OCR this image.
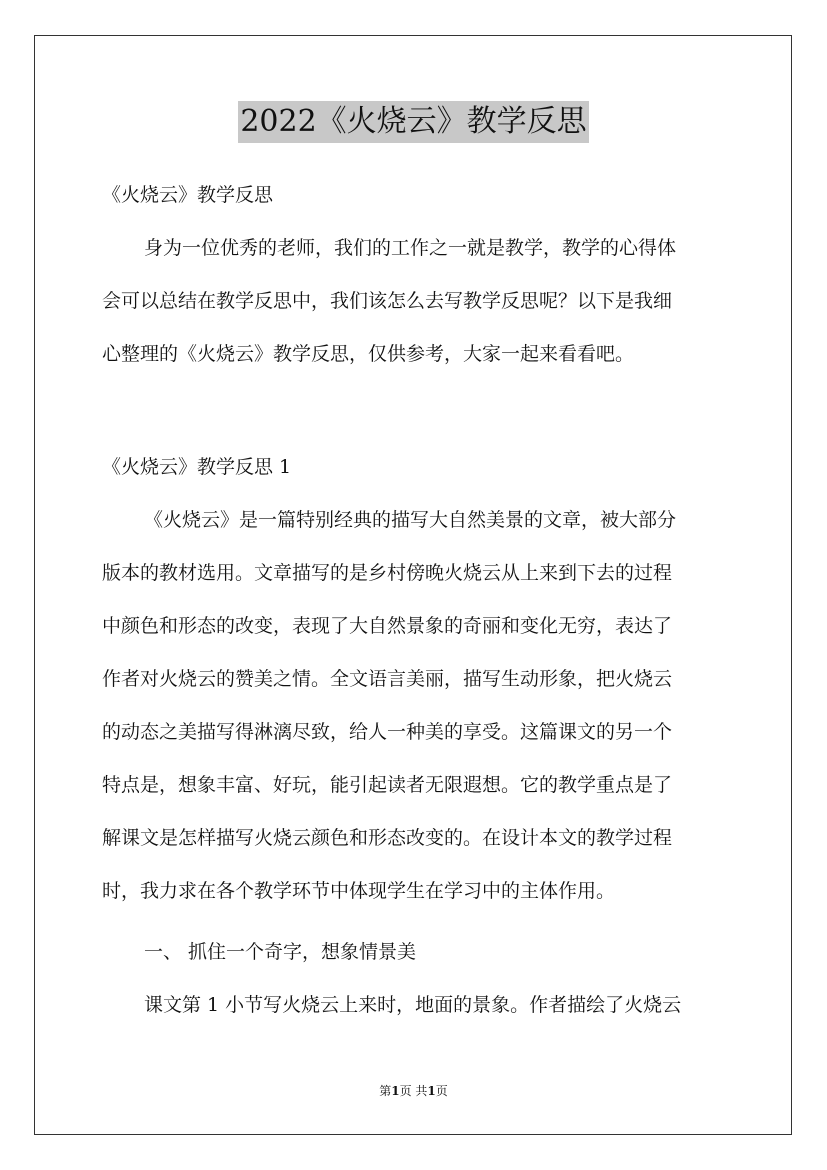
2022《火烧云》教学反思
《火烧云》教学反思
身为一位优秀的老师，我们的工作之一就是教学，教学的心得体
会可以总结在教学反思中，我们该怎么去写教学反思呢？以下是我细
心整理的《火烧云》教学反思，仅供参考，大家一起来看看吧。
《火烧云》教学反思 1
《火烧云》是一篇特别经典的描写大自然美景的文章，被大部分
版本的教材选用。文章描写的是乡村傍晚火烧云从上来到下去的过程
中颜色和形态的改变，表现了大自然景象的奇丽和变化无穷，表达了
作者对火烧云的赞美之情。全文语言美丽，描写生动形象，把火烧云
的动态之美描写得淋漓尽致，给人一种美的享受。这篇课文的另一个
特点是，想象丰富、好玩，能引起读者无限遐想。它的教学重点是了
解课文是怎样描写火烧云颜色和形态改变的。在设计本文的教学过程
时，我力求在各个教学环节中体现学生在学习中的主体作用。
一、 抓住一个奇字，想象情景美
课文第 1 小节写火烧云上来时，地面的景象。作者描绘了火烧云
第1页 共1页
